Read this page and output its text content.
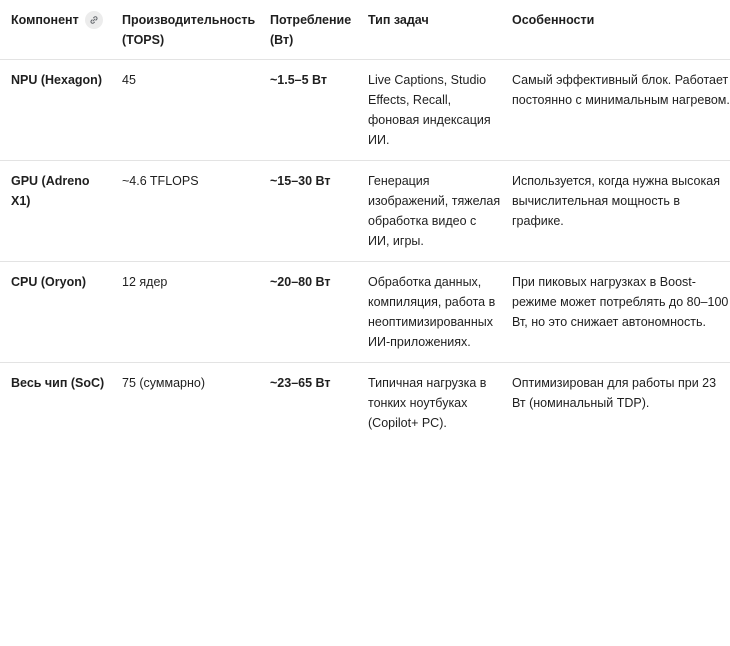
Компонент	Производительность (TOPS)	Потребление (Вт)	Тип задач	Особенности
NPU (Hexagon)	45	~1.5–5 Вт	Live Captions, Studio Effects, Recall, фоновая индексация ИИ.	Самый эффективный блок. Работает постоянно с минимальным нагревом.
GPU (Adreno X1)	~4.6 TFLOPS	~15–30 Вт	Генерация изображений, тяжелая обработка видео с ИИ, игры.	Используется, когда нужна высокая вычислительная мощность в графике.
CPU (Oryon)	12 ядер	~20–80 Вт	Обработка данных, компиляция, работа в неоптимизированных ИИ-приложениях.	При пиковых нагрузках в Boost-режиме может потреблять до 80–100 Вт, но это снижает автономность.
Весь чип (SoC)	75 (суммарно)	~23–65 Вт	Типичная нагрузка в тонких ноутбуках (Copilot+ PC).	Оптимизирован для работы при 23 Вт (номинальный TDP).
